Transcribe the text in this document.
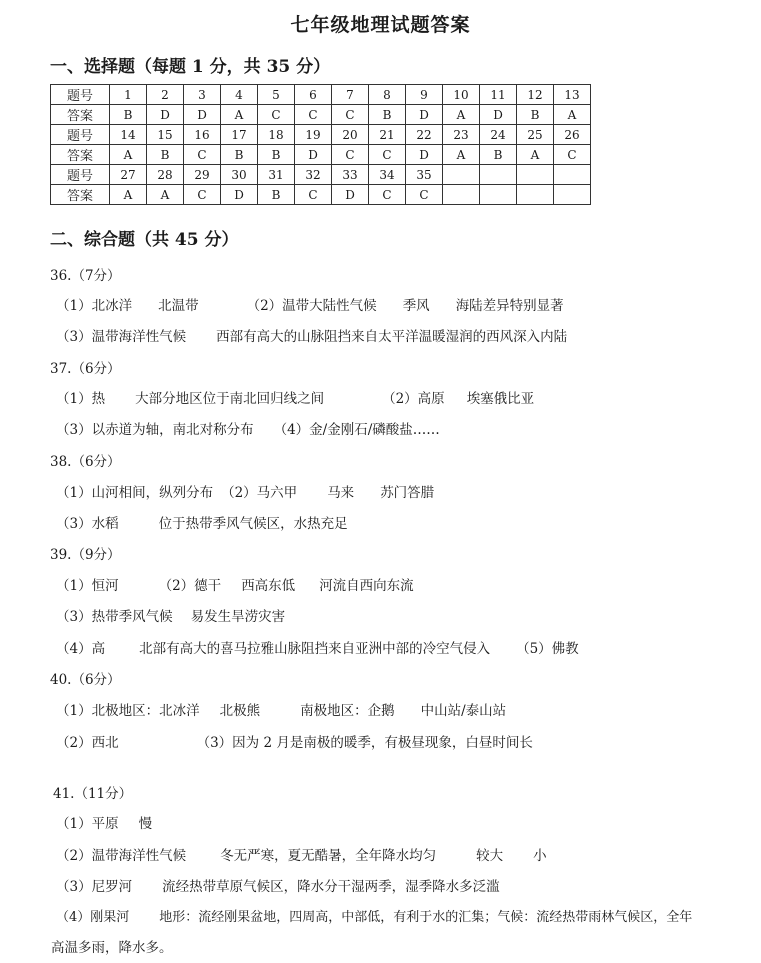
七年级地理试题答案
一、选择题（每题 1 分，共 35 分）
题号	1	2	3	4	5	6	7	8	9	10	11	12	13
答案	B	D	D	A	C	C	C	B	D	A	D	B	A
题号	14	15	16	17	18	19	20	21	22	23	24	25	26
答案	A	B	C	B	B	D	C	C	D	A	B	A	C
题号	27	28	29	30	31	32	33	34	35				
答案	A	A	C	D	B	C	D	C	C				
二、综合题（共 45 分）
36.（7分）
（1）北冰洋 北温带	（2）温带大陆性气候 季风 海陆差异特别显著
（3）温带海洋性气候 西部有高大的山脉阻挡来自太平洋温暖湿润的西风深入内陆
37.（6分）
（1）热 大部分地区位于南北回归线之间	（2）高原 埃塞俄比亚
（3）以赤道为轴，南北对称分布 （4）金/金刚石/磷酸盐……
38.（6分）
（1）山河相间，纵列分布 （2）马六甲 马来 苏门答腊
（3）水稻	位于热带季风气候区，水热充足
39.（9分）
（1）恒河	（2）德干 西高东低 河流自西向东流
（3）热带季风气候 易发生旱涝灾害
（4）高	北部有高大的喜马拉雅山脉阻挡来自亚洲中部的冷空气侵入 （5）佛教
40.（6分）
（1）北极地区：北冰洋 北极熊	南极地区：企鹅 中山站/泰山站
（2）西北	（3）因为 2 月是南极的暖季，有极昼现象，白昼时间长
41.（11分）
（1）平原 慢
（2）温带海洋性气候	冬无严寒，夏无酷暑，全年降水均匀	较大 小
（3）尼罗河 流经热带草原气候区，降水分干湿两季，湿季降水多泛滥
（4）刚果河 地形：流经刚果盆地，四周高，中部低，有利于水的汇集；气候：流经热带雨林气候区，全年
高温多雨，降水多。
